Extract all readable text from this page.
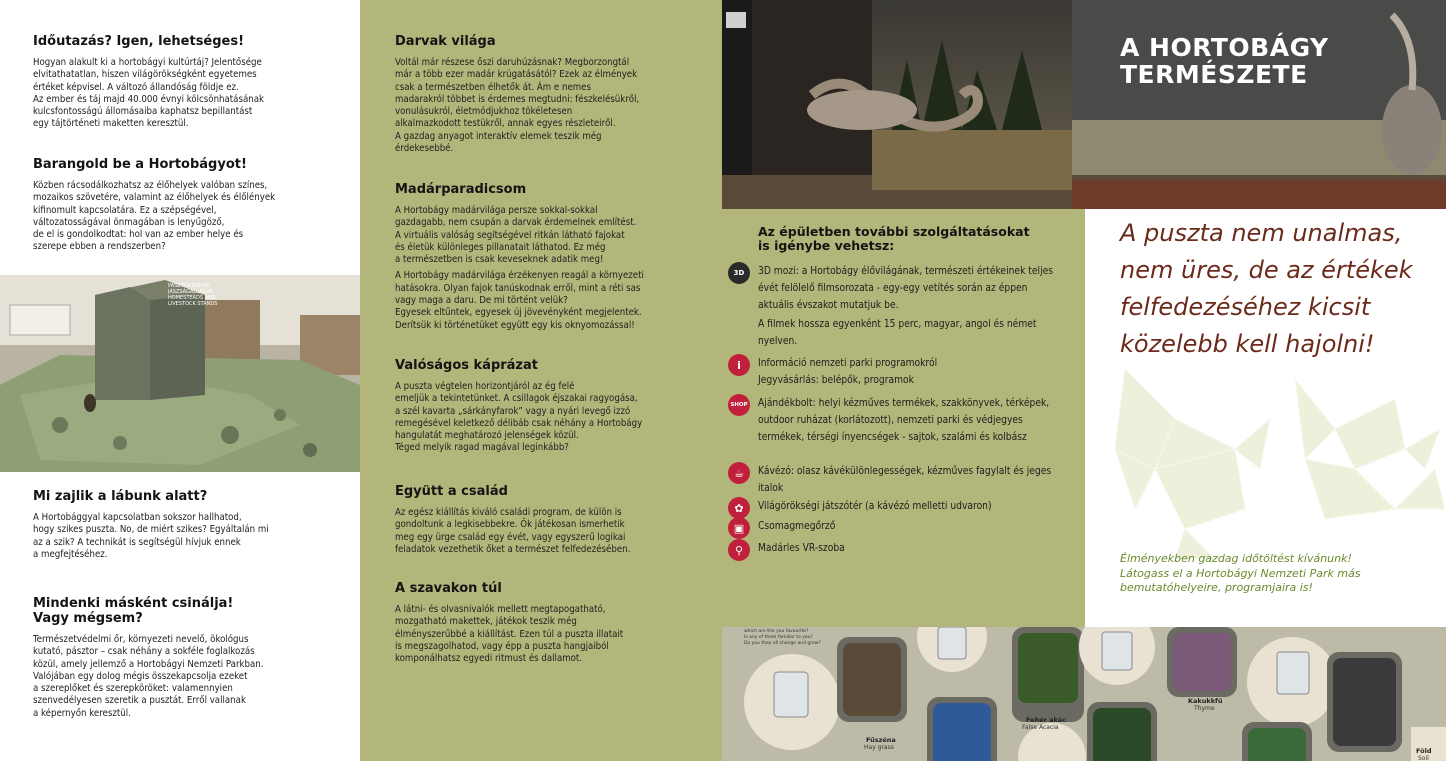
Időutazás? Igen, lehetséges!
Hogyan alakult ki a hortobágyi kultúrtáj? Jelentősége
elvitathatatlan, hiszen világörökségként egyetemes
értéket képvisel. A változó állandóság földje ez.
Az ember és táj majd 40.000 évnyi kölcsönhatásának
kulcsfontosságú állomásaiba kaphatsz bepillantást
egy tájtörténeti maketten keresztül.
Barangold be a Hortobágyot!
Közben rácsodálkozhatsz az élőhelyek valóban színes,
mozaikos szövetére, valamint az élőhelyek és élőlények
kifinomult kapcsolatára. Ez a szépségével,
változatosságával önmagában is lenyűgöző,
de el is gondolkodtat: hol van az ember helye és
szerepe ebben a rendszerben?
PÁSZTORTANYÁK JÁSZSÁGÁLLÁSOK HOMESTEADS AND LIVESTOCK STANDS
Mi zajlik a lábunk alatt?
A Hortobággyal kapcsolatban sokszor hallhatod,
hogy szikes puszta. No, de miért szikes? Egyáltalán mi
az a szik? A technikát is segítségül hívjuk ennek
a megfejtéséhez.
Mindenki másként csinálja!
Vagy mégsem?
Természetvédelmi őr, környezeti nevelő, ökológus
kutató, pásztor – csak néhány a sokféle foglalkozás
közül, amely jellemző a Hortobágyi Nemzeti Parkban.
Valójában egy dolog mégis összekapcsolja ezeket
a szereplőket és szerepköröket: valamennyien
szenvedélyesen szeretik a pusztát. Erről vallanak
a képernyőn keresztül.
Darvak világa
Voltál már részese őszi daruhúzásnak? Megborzongtál
már a több ezer madár krúgatásától? Ezek az élmények
csak a természetben élhetők át. Ám e nemes
madarakról többet is érdemes megtudni: fészkelésükről,
vonulásukról, életmódjukhoz tökéletesen
alkalmazkodott testükről, annak egyes részleteiről.
A gazdag anyagot interaktív elemek teszik még
érdekesebbé.
Madárparadicsom
A Hortobágy madárvilága persze sokkal-sokkal
gazdagabb, nem csupán a darvak érdemelnek említést.
A virtuális valóság segítségével ritkán látható fajokat
és életük különleges pillanatait láthatod. Ez még
a természetben is csak keveseknek adatik meg!
A Hortobágy madárvilága érzékenyen reagál a környezeti
hatásokra. Olyan fajok tanúskodnak erről, mint a réti sas
vagy maga a daru. De mi történt velük?
Egyesek eltűntek, egyesek új jövevényként megjelentek.
Derítsük ki történetüket együtt egy kis oknyomozással!
Valóságos káprázat
A puszta végtelen horizontjáról az ég felé
emeljük a tekintetünket. A csillagok éjszakai ragyogása,
a szél kavarta „sárkányfarok” vagy a nyári levegő izzó
remegésével keletkező délibáb csak néhány a Hortobágy
hangulatát meghatározó jelenségek közül.
Téged melyik ragad magával leginkább?
Együtt a család
Az egész kiállítás kiváló családi program, de külön is
gondoltunk a legkisebbekre. Ők játékosan ismerhetik
meg egy ürge család egy évét, vagy egyszerű logikai
feladatok vezethetik őket a természet felfedezésében.
A szavakon túl
A látni- és olvasnivalók mellett megtapogatható,
mozgatható makettek, játékok teszik még
élményszerűbbé a kiállítást. Ezen túl a puszta illatait
is megszagolhatod, vagy épp a puszta hangjaiból
komponálhatsz egyedi ritmust és dallamot.
A HORTOBÁGY
TERMÉSZETE
Az épületben további szolgáltatásokat
is igénybe vehetsz:
3D 3D mozi: a Hortobágy élővilágának, természeti értékeinek teljes évét felölelő filmsorozata - egy-egy vetítés során az éppen aktuális évszakot mutatjuk be.
A filmek hossza egyenként 15 perc, magyar, angol és német nyelven.
i Információ nemzeti parki programokról
Jegyvásárlás: belépők, programok
SHOP Ajándékbolt: helyi kézműves termékek, szakkönyvek, térképek, outdoor ruházat (korlátozott), nemzeti parki és védjegyes termékek, térségi ínyencségek - sajtok, szalámi és kolbász
☕ Kávézó: olasz kávékülönlegességek, kézműves fagylalt és jeges italok
✿ Világörökségi játszótér (a kávézó melletti udvaron)
▣ Csomagmegőrző
⚲ Madárles VR-szoba
A puszta nem unalmas,
nem üres, de az értékek
felfedezéséhez kicsit
közelebb kell hajolni!
Élményekben gazdag időtöltést kívánunk!
Látogass el a Hortobágyi Nemzeti Park más
bemutatóhelyeire, programjaira is!
which are the you favourite? Is any of them familiar to you? Do you they all change and grow?
Fűszéna
Hay grass
Fehér akác
False Acacia
Kakukkfű
Thyme
Föld
Soil
